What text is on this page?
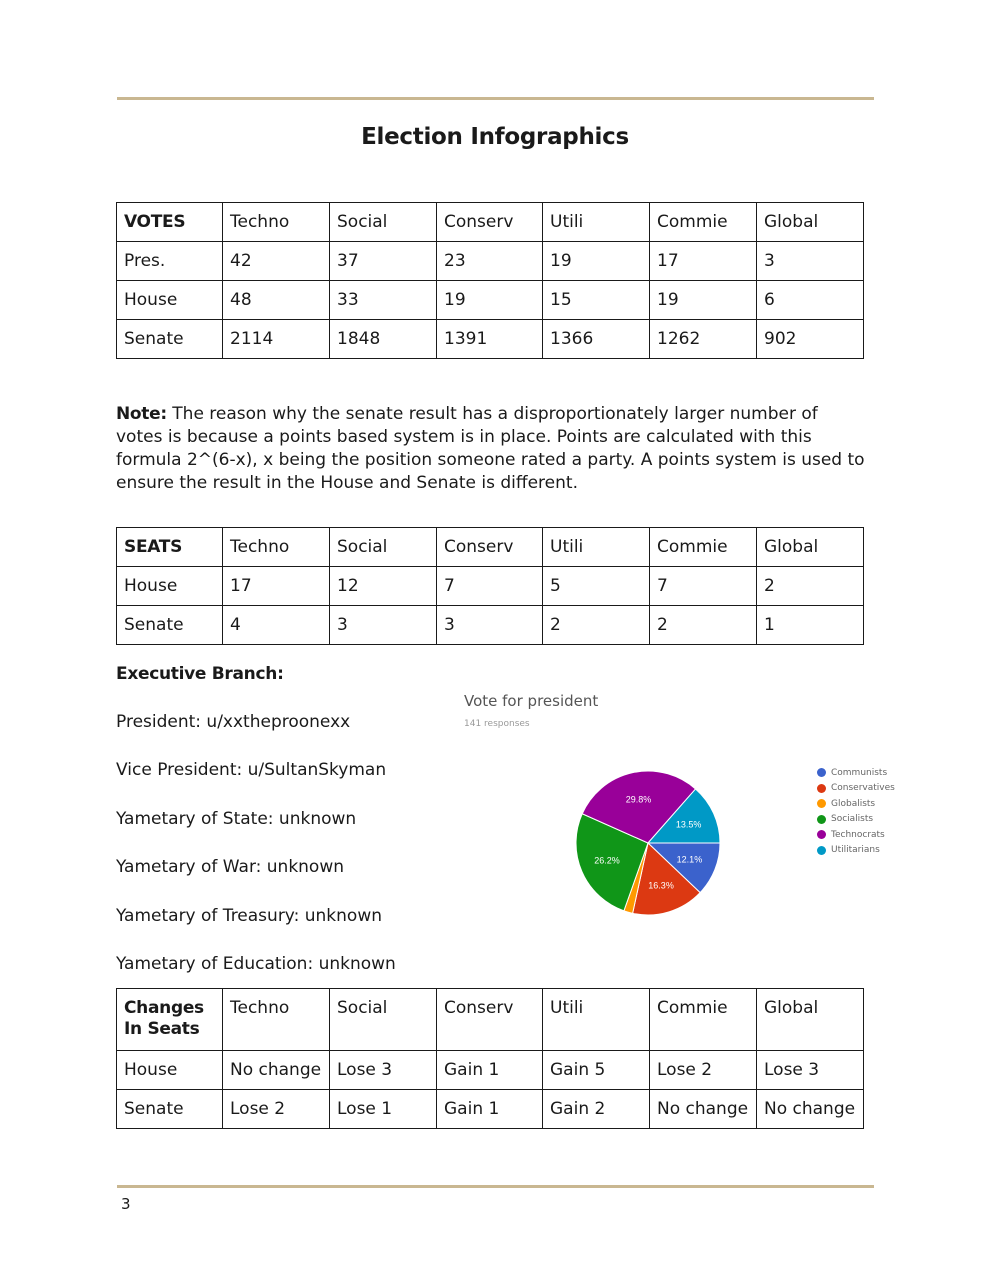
Election Infographics
VOTES	Techno	Social	Conserv	Utili	Commie	Global
Pres.	42	37	23	19	17	3
House	48	33	19	15	19	6
Senate	2114	1848	1391	1366	1262	902
Note: The reason why the senate result has a disproportionately larger number of votes is because a points based system is in place. Points are calculated with this formula 2^(6-x), x being the position someone rated a party. A points system is used to ensure the result in the House and Senate is different.
SEATS	Techno	Social	Conserv	Utili	Commie	Global
House	17	12	7	5	7	2
Senate	4	3	3	2	2	1
Executive Branch:
President: u/xxtheproonexx
Vice President: u/SultanSkyman
Yametary of State: unknown
Yametary of War: unknown
Yametary of Treasury: unknown
Yametary of Education: unknown
12.1%
16.3%
26.2%
29.8%
13.5%
Vote for president
141 responses
Communists
Conservatives
Globalists
Socialists
Technocrats
Utilitarians
Changes In Seats	Techno	Social	Conserv	Utili	Commie	Global
House	No change	Lose 3	Gain 1	Gain 5	Lose 2	Lose 3
Senate	Lose 2	Lose 1	Gain 1	Gain 2	No change	No change
3
